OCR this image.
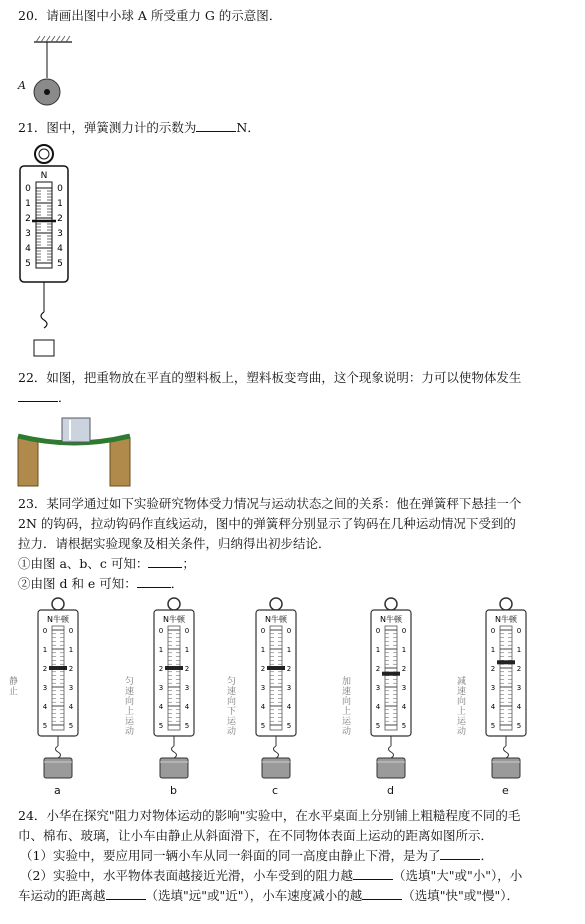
20．请画出图中小球 A 所受重力 G 的示意图．
A
21．图中，弹簧测力计的示数为	N．
N
0	0
1	1
2	2
3	3
4	4
5	5
22．如图，把重物放在平直的塑料板上，塑料板变弯曲，这个现象说明：力可以使物体发生
．
23．某同学通过如下实验研究物体受力情况与运动状态之间的关系：他在弹簧秤下悬挂一个
2N 的钩码，拉动钩码作直线运动，图中的弹簧秤分别显示了钩码在几种运动情况下受到的
拉力．请根据实验现象及相关条件，归纳得出初步结论．
①由图 a、b、c 可知：	；
②由图 d 和 e 可知：	．
N牛顿
0	0
1	1
2	2
3	3
4	4
5	5
静止
a
N牛顿
0	0
1	1
2	2
3	3
4	4
5	5
匀速向上运动
b
N牛顿
0	0
1	1
2	2
3	3
4	4
5	5
匀速向下运动
c
N牛顿
0	0
1	1
2	2
3	3
4	4
5	5
加速向上运动
d
N牛顿
0	0
1	1
2	2
3	3
4	4
5	5
减速向上运动
e
24．小华在探究"阻力对物体运动的影响"实验中，在水平桌面上分别铺上粗糙程度不同的毛
巾、棉布、玻璃，让小车由静止从斜面滑下，在不同物体表面上运动的距离如图所示．
（1）实验中，要应用同一辆小车从同一斜面的同一高度由静止下滑，是为了	．
（2）实验中，水平物体表面越接近光滑，小车受到的阻力越	（选填"大"或"小"），小
车运动的距离越	（选填"远"或"近"），小车速度减小的越	（选填"快"或"慢"）．
